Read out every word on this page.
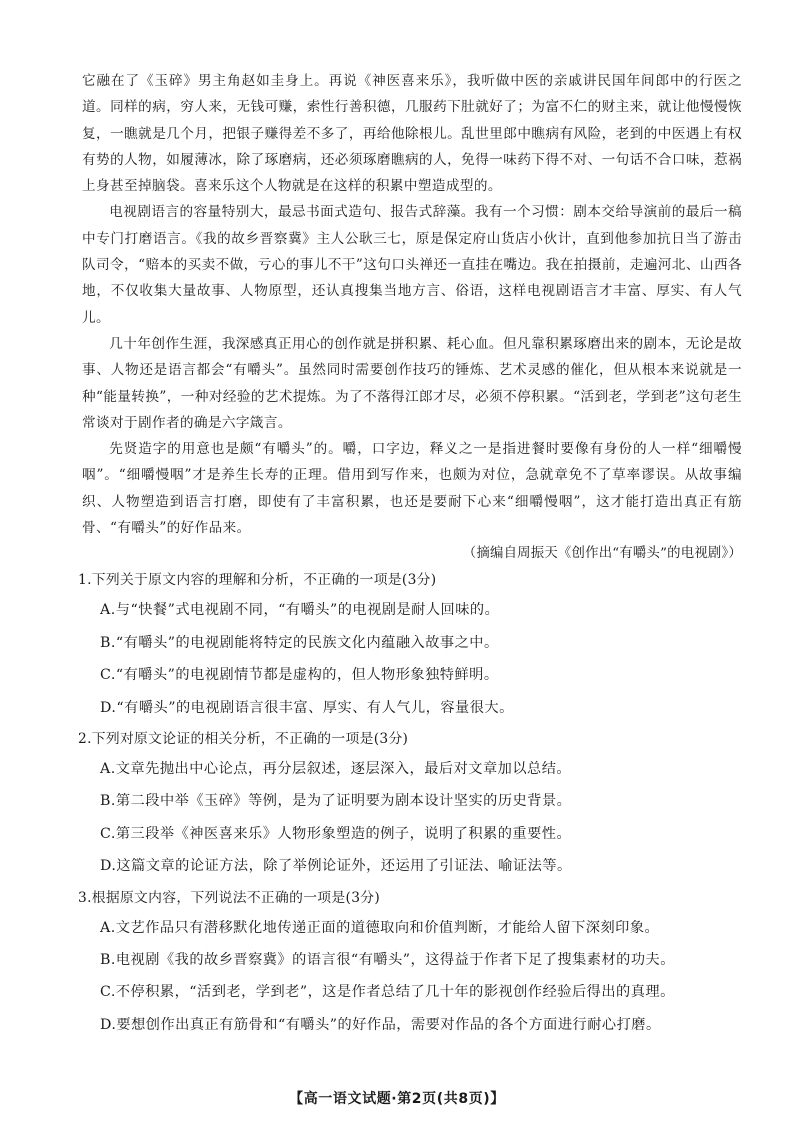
它融在了《玉碎》男主角赵如圭身上。再说《神医喜来乐》，我听做中医的亲戚讲民国年间郎中的行医之道。同样的病，穷人来，无钱可赚，索性行善积德，几服药下肚就好了；为富不仁的财主来，就让他慢慢恢复，一瞧就是几个月，把银子赚得差不多了，再给他除根儿。乱世里郎中瞧病有风险，老到的中医遇上有权有势的人物，如履薄冰，除了琢磨病，还必须琢磨瞧病的人，免得一味药下得不对、一句话不合口味，惹祸上身甚至掉脑袋。喜来乐这个人物就是在这样的积累中塑造成型的。

电视剧语言的容量特别大，最忌书面式造句、报告式辞藻。我有一个习惯：剧本交给导演前的最后一稿中专门打磨语言。《我的故乡晋察冀》主人公耿三七，原是保定府山货店小伙计，直到他参加抗日当了游击队司令，“赔本的买卖不做，亏心的事儿不干”这句口头禅还一直挂在嘴边。我在拍摄前，走遍河北、山西各地，不仅收集大量故事、人物原型，还认真搜集当地方言、俗语，这样电视剧语言才丰富、厚实、有人气儿。

几十年创作生涯，我深感真正用心的创作就是拼积累、耗心血。但凡靠积累琢磨出来的剧本，无论是故事、人物还是语言都会“有嚼头”。虽然同时需要创作技巧的锤炼、艺术灵感的催化，但从根本来说就是一种“能量转换”，一种对经验的艺术提炼。为了不落得江郎才尽，必须不停积累。“活到老，学到老”这句老生常谈对于剧作者的确是六字箴言。

先贤造字的用意也是颇“有嚼头”的。嚼，口字边，释义之一是指进餐时要像有身份的人一样“细嚼慢咽”。“细嚼慢咽”才是养生长寿的正理。借用到写作来，也颇为对位，急就章免不了草率谬误。从故事编织、人物塑造到语言打磨，即使有了丰富积累，也还是要耐下心来“细嚼慢咽”，这才能打造出真正有筋骨、“有嚼头”的好作品来。

（摘编自周振天《创作出“有嚼头”的电视剧》）

1.下列关于原文内容的理解和分析，不正确的一项是(3分)

A.与“快餐”式电视剧不同，“有嚼头”的电视剧是耐人回味的。

B.“有嚼头”的电视剧能将特定的民族文化内蕴融入故事之中。

C.“有嚼头”的电视剧情节都是虚构的，但人物形象独特鲜明。

D.“有嚼头”的电视剧语言很丰富、厚实、有人气儿，容量很大。

2.下列对原文论证的相关分析，不正确的一项是(3分)

A.文章先抛出中心论点，再分层叙述，逐层深入，最后对文章加以总结。

B.第二段中举《玉碎》等例，是为了证明要为剧本设计坚实的历史背景。

C.第三段举《神医喜来乐》人物形象塑造的例子，说明了积累的重要性。

D.这篇文章的论证方法，除了举例论证外，还运用了引证法、喻证法等。

3.根据原文内容，下列说法不正确的一项是(3分)

A.文艺作品只有潜移默化地传递正面的道德取向和价值判断，才能给人留下深刻印象。

B.电视剧《我的故乡晋察冀》的语言很“有嚼头”，这得益于作者下足了搜集素材的功夫。

C.不停积累，“活到老，学到老”，这是作者总结了几十年的影视创作经验后得出的真理。

D.要想创作出真正有筋骨和“有嚼头”的好作品，需要对作品的各个方面进行耐心打磨。

【高一语文试题·第2页(共8页)】
